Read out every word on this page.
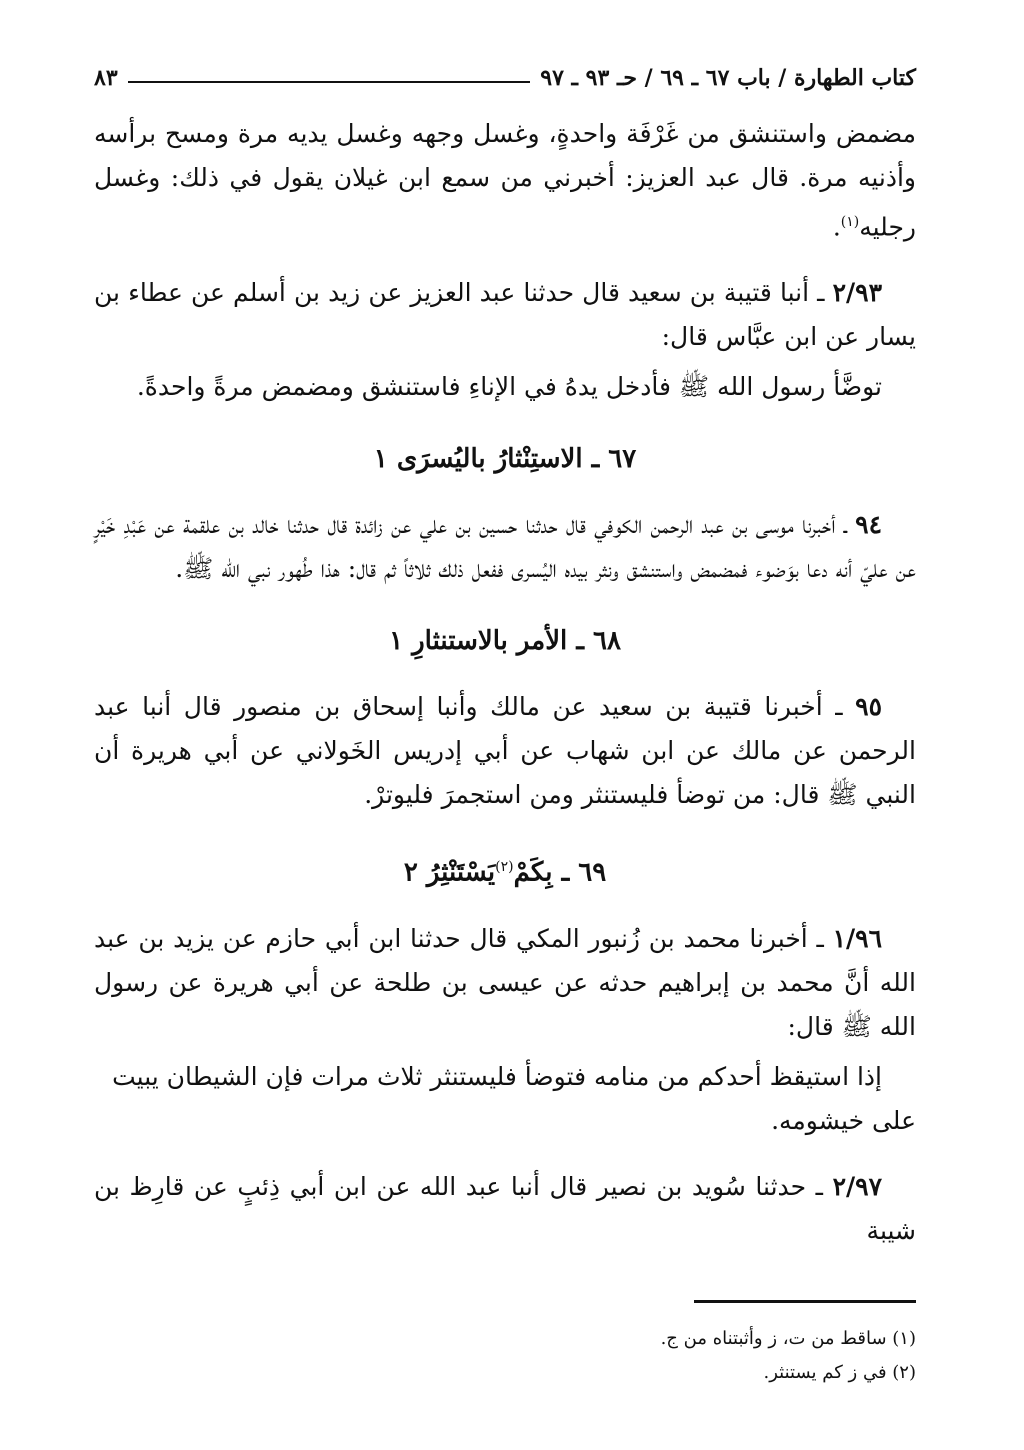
كتاب الطهارة / باب ٦٧ ـ ٦٩ / حـ ٩٣ ـ ٩٧
٨٣

مضمض واستنشق من غَرْفَة واحدةٍ، وغسل وجهه وغسل يديه مرة ومسح برأسه وأذنيه مرة. قال عبد العزيز: أخبرني من سمع ابن غيلان يقول في ذلك: وغسل رجليه$^{(١)}$.

٢/٩٣ ـ أنبا قتيبة بن سعيد قال حدثنا عبد العزيز عن زيد بن أسلم عن عطاء بن يسار عن ابن عبَّاس قال:

توضَّأ رسول الله ﷺ فأدخل يدهُ في الإناءِ فاستنشق ومضمض مرةً واحدةً.

٦٧ ـ الاستِنْثارُ باليُسرَى ١

٩٤ ـ أخبرنا موسى بن عبد الرحمن الكوفي قال حدثنا حسين بن علي عن زائدة قال حدثنا خالد بن علقمة عن عَبْدِ خَيْرٍ عن عليّ أنه دعا بوَضوء فمضمض واستنشق ونثر بيده اليُسرى ففعل ذلك ثلاثاً ثم قال: هذا طُهور نبي الله ﷺ.

٦٨ ـ الأمر بالاستنثارِ ١

٩٥ ـ أخبرنا قتيبة بن سعيد عن مالك وأنبا إسحاق بن منصور قال أنبا عبد الرحمن عن مالك عن ابن شهاب عن أبي إدريس الخَولاني عن أبي هريرة أن النبي ﷺ قال: من توضأ فليستنثر ومن استجمرَ فليوترْ.

٦٩ ـ بِكَمْ$^{(٢)}$يَسْتَنْثِرُ ٢

١/٩٦ ـ أخبرنا محمد بن زُنبور المكي قال حدثنا ابن أبي حازم عن يزيد بن عبد الله أنَّ محمد بن إبراهيم حدثه عن عيسى بن طلحة عن أبي هريرة عن رسول الله ﷺ قال:

إذا استيقظ أحدكم من منامه فتوضأ فليستنثر ثلاث مرات فإن الشيطان يبيت على خيشومه.

٢/٩٧ ـ حدثنا سُويد بن نصير قال أنبا عبد الله عن ابن أبي ذِئبٍ عن قارِظ بن شيبة

(١) ساقط من ت، ز وأثبتناه من ج.

(٢) في ز كم يستنثر.
